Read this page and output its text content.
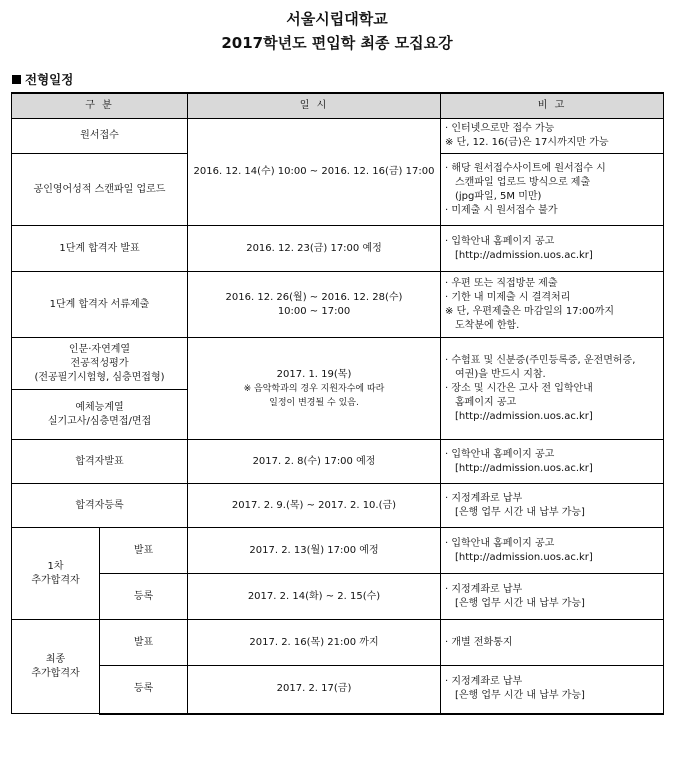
서울시립대학교
2017학년도 편입학 최종 모집요강
전형일정
구 분		일 시	비 고
원서접수		2016. 12. 14(수) 10:00 ~ 2016. 12. 16(금) 17:00	· 인터넷으로만 접수 가능
※ 단, 12. 16(금)은 17시까지만 가능

공인영어성적 스캔파일 업로드			· 해당 원서접수사이트에 원서접수 시
스캔파일 업로드 방식으로 제출
(jpg파일, 5M 미만)
· 미제출 시 원서접수 불가

1단계 합격자 발표		2016. 12. 23(금) 17:00 예정	· 입학안내 홈페이지 공고
[http://admission.uos.ac.kr]

1단계 합격자 서류제출		2016. 12. 26(월) ~ 2016. 12. 28(수)
10:00 ~ 17:00	· 우편 또는 직접방문 제출
· 기한 내 미제출 시 결격처리
※ 단, 우편제출은 마감일의 17:00까지
도착분에 한함.

인문·자연계열
전공적성평가
(전공필기시험형, 심층면접형)		2017. 1. 19(목)
※ 음악학과의 경우 지원자수에 따라
일정이 변경될 수 있음.	· 수험표 및 신분증(주민등록증, 운전면허증,
여권)을 반드시 지참.
· 장소 및 시간은 고사 전 입학안내
홈페이지 공고
[http://admission.uos.ac.kr]

예체능계열
실기고사/심층면접/면접			

합격자발표		2017. 2. 8(수) 17:00 예정	· 입학안내 홈페이지 공고
[http://admission.uos.ac.kr]

합격자등록		2017. 2. 9.(목) ~ 2017. 2. 10.(금)	· 지정계좌로 납부
[은행 업무 시간 내 납부 가능]

1차
추가합격자	발표	2017. 2. 13(월) 17:00 예정	· 입학안내 홈페이지 공고
[http://admission.uos.ac.kr]

	등록	2017. 2. 14(화) ~ 2. 15(수)	· 지정계좌로 납부
[은행 업무 시간 내 납부 가능]

최종
추가합격자	발표	2017. 2. 16(목) 21:00 까지	· 개별 전화통지

	등록	2017. 2. 17(금)	· 지정계좌로 납부
[은행 업무 시간 내 납부 가능]
